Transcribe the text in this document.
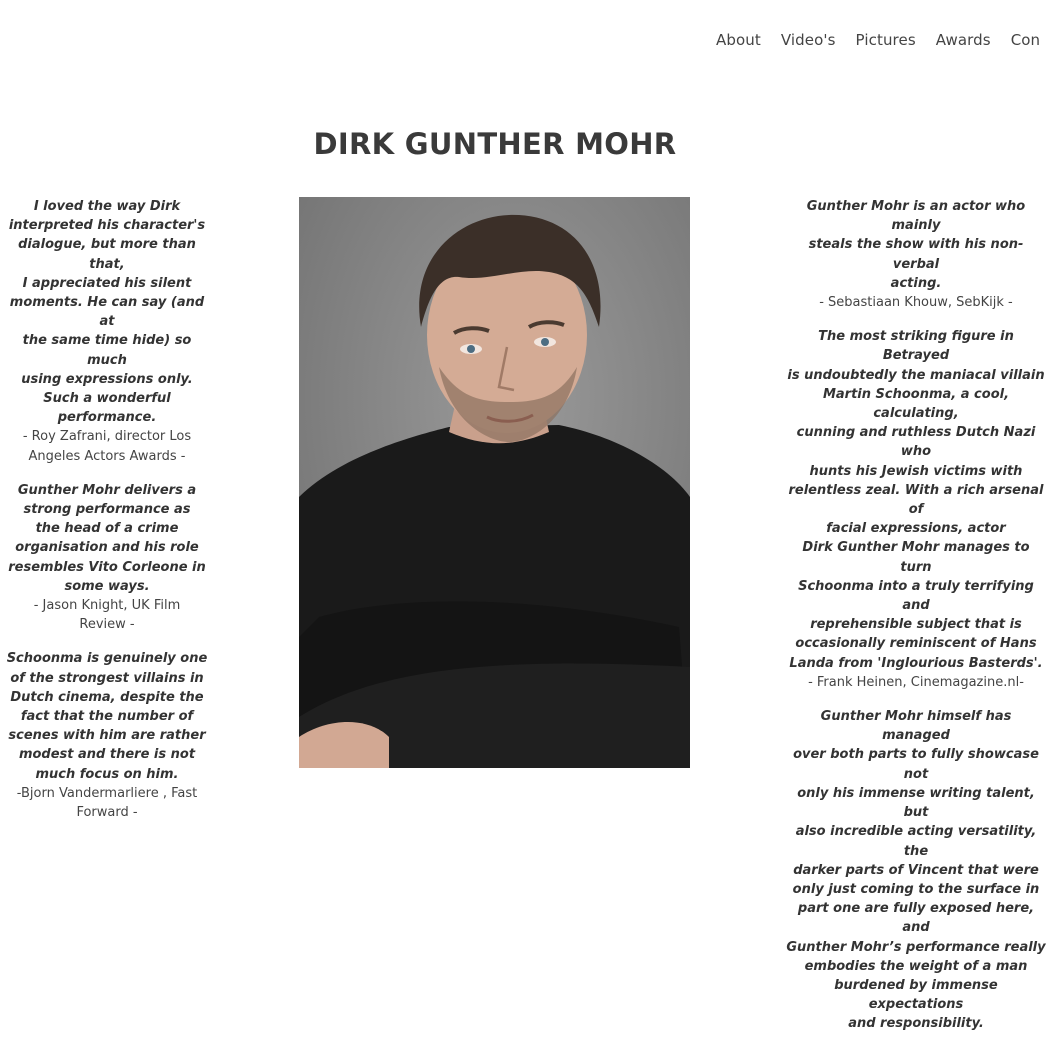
About Video's Pictures Awards Con
DIRK GUNTHER MOHR
I loved the way Dirk
interpreted his character's
dialogue, but more than that,
I appreciated his silent
moments. He can say (and at
the same time hide) so much
using expressions only.
Such a wonderful
performance.
- Roy Zafrani, director Los
Angeles Actors Awards -
Gunther Mohr delivers a
strong performance as
the head of a crime
organisation and his role
resembles Vito Corleone in
some ways.
- Jason Knight, UK Film
Review -
Schoonma is genuinely one
of the strongest villains in
Dutch cinema, despite the
fact that the number of
scenes with him are rather
modest and there is not
much focus on him.
-Bjorn Vandermarliere , Fast
Forward -
Gunther Mohr is an actor who mainly
steals the show with his non-verbal
acting.
- Sebastiaan Khouw, SebKijk -
The most striking figure in Betrayed
is undoubtedly the maniacal villain
Martin Schoonma, a cool, calculating,
cunning and ruthless Dutch Nazi who
hunts his Jewish victims with
relentless zeal. With a rich arsenal of
facial expressions, actor
Dirk Gunther Mohr manages to turn
Schoonma into a truly terrifying and
reprehensible subject that is
occasionally reminiscent of Hans
Landa from 'Inglourious Basterds'.
- Frank Heinen, Cinemagazine.nl-
Gunther Mohr himself has managed
over both parts to fully showcase not
only his immense writing talent, but
also incredible acting versatility, the
darker parts of Vincent that were
only just coming to the surface in
part one are fully exposed here, and
Gunther Mohr’s performance really
embodies the weight of a man
burdened by immense expectations
and responsibility.
